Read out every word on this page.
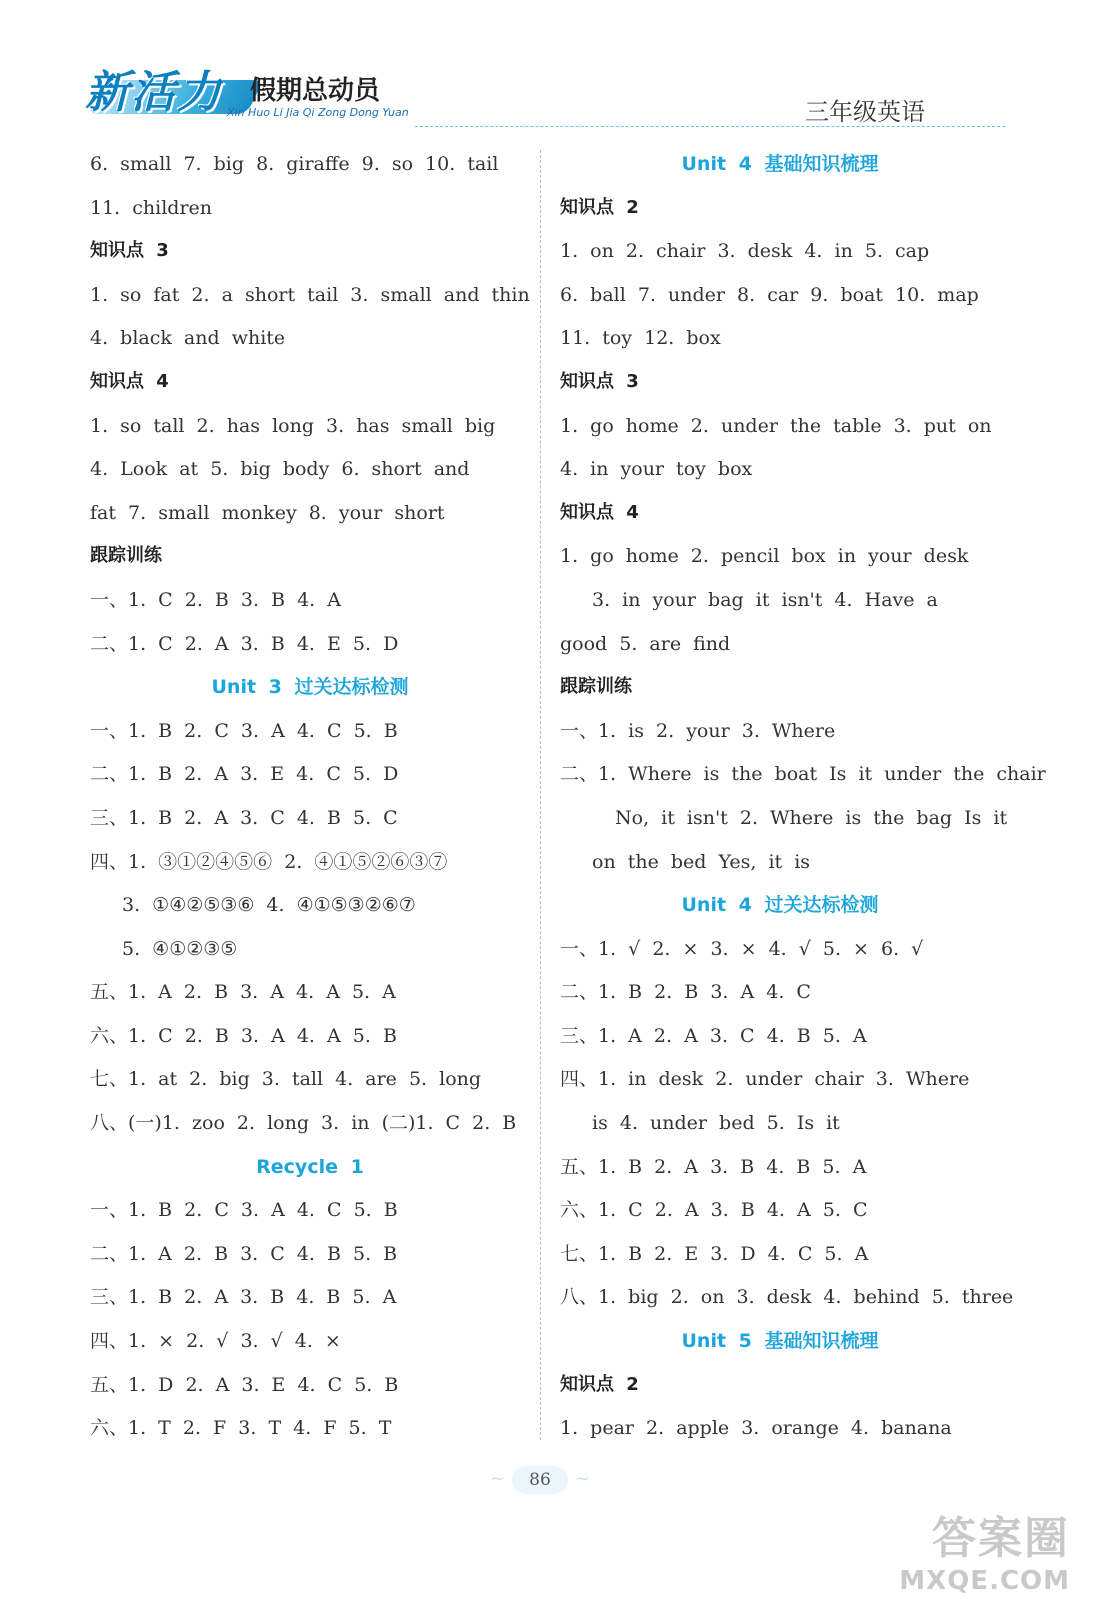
新活力 假期总动员
Xin Huo Li Jia Qi Zong Dong Yuan	三年级英语
6. small 7. big 8. giraffe 9. so 10. tail
11. children
知识点 3
1. so fat 2. a short tail 3. small and thin
4. black and white
知识点 4
1. so tall 2. has long 3. has small big
4. Look at 5. big body 6. short and
fat 7. small monkey 8. your short
跟踪训练
一、1. C 2. B 3. B 4. A
二、1. C 2. A 3. B 4. E 5. D
Unit 3 过关达标检测
一、1. B 2. C 3. A 4. C 5. B
二、1. B 2. A 3. E 4. C 5. D
三、1. B 2. A 3. C 4. B 5. C
四、1. ③①②④⑤⑥ 2. ④①⑤②⑥③⑦
3. ①④②⑤③⑥ 4. ④①⑤③②⑥⑦
5. ④①②③⑤
五、1. A 2. B 3. A 4. A 5. A
六、1. C 2. B 3. A 4. A 5. B
七、1. at 2. big 3. tall 4. are 5. long
八、(一)1. zoo 2. long 3. in (二)1. C 2. B
Recycle 1
一、1. B 2. C 3. A 4. C 5. B
二、1. A 2. B 3. C 4. B 5. B
三、1. B 2. A 3. B 4. B 5. A
四、1. × 2. √ 3. √ 4. ×
五、1. D 2. A 3. E 4. C 5. B
六、1. T 2. F 3. T 4. F 5. T
Unit 4 基础知识梳理
知识点 2
1. on 2. chair 3. desk 4. in 5. cap
6. ball 7. under 8. car 9. boat 10. map
11. toy 12. box
知识点 3
1. go home 2. under the table 3. put on
4. in your toy box
知识点 4
1. go home 2. pencil box in your desk
3. in your bag it isn't 4. Have a
good 5. are find
跟踪训练
一、1. is 2. your 3. Where
二、1. Where is the boat Is it under the chair
No, it isn't 2. Where is the bag Is it
on the bed Yes, it is
Unit 4 过关达标检测
一、1. √ 2. × 3. × 4. √ 5. × 6. √
二、1. B 2. B 3. A 4. C
三、1. A 2. A 3. C 4. B 5. A
四、1. in desk 2. under chair 3. Where
is 4. under bed 5. Is it
五、1. B 2. A 3. B 4. B 5. A
六、1. C 2. A 3. B 4. A 5. C
七、1. B 2. E 3. D 4. C 5. A
八、1. big 2. on 3. desk 4. behind 5. three
Unit 5 基础知识梳理
知识点 2
1. pear 2. apple 3. orange 4. banana
~	86	~
答案圈
MXQE.COM
